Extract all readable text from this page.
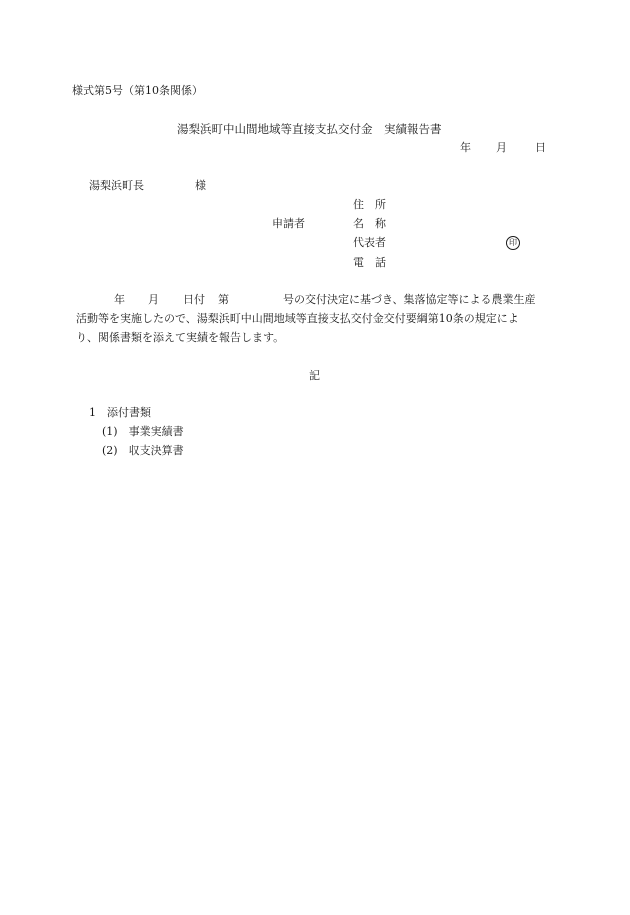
様式第5号（第10条関係）
湯梨浜町中山間地域等直接支払交付金　実績報告書
年 月	日
湯梨浜町長	様
住　所
申請者	名　称
代表者	印
電　話
年 月 日付 第	号の交付決定に基づき、集落協定等による農業生産
活動等を実施したので、湯梨浜町中山間地域等直接支払交付金交付要綱第10条の規定によ
り、関係書類を添えて実績を報告します。
記
1　添付書類
(1)　事業実績書
(2)　収支決算書
